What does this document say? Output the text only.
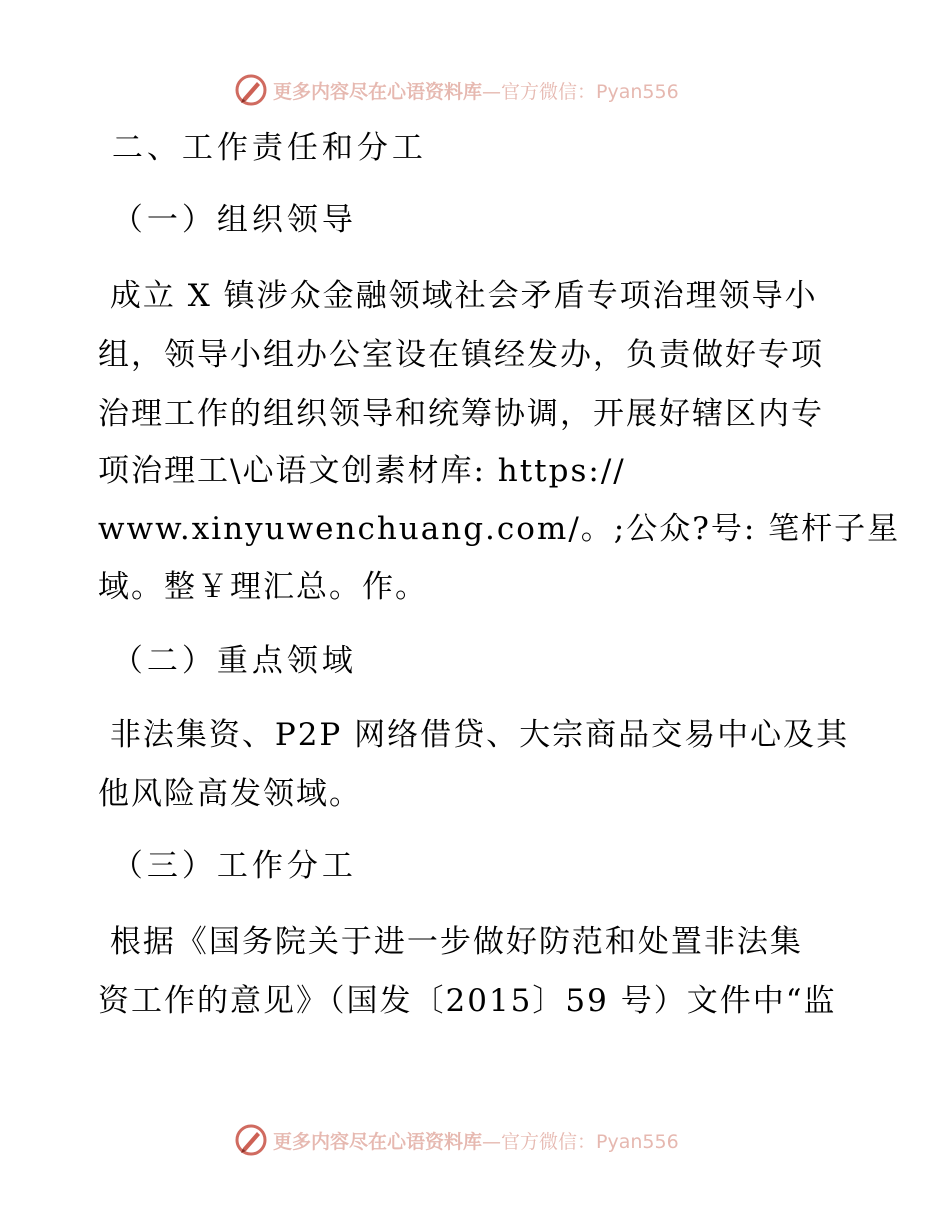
更多内容尽在心语资料库 —官方微信：Pyan556
二、工作责任和分工
（一）组织领导
成立 X 镇涉众金融领域社会矛盾专项治理领导小
组，领导小组办公室设在镇经发办，负责做好专项
治理工作的组织领导和统筹协调，开展好辖区内专
项治理工\心语文创素材库: https://
www.xinyuwenchuang.com/。;公众?号: 笔杆子星
域。整￥理汇总。作。
（二）重点领域
非法集资、P2P 网络借贷、大宗商品交易中心及其
他风险高发领域。
（三）工作分工
根据《国务院关于进一步做好防范和处置非法集
资工作的意见》（国发〔2015〕59 号）文件中“监
更多内容尽在心语资料库 —官方微信：Pyan556
